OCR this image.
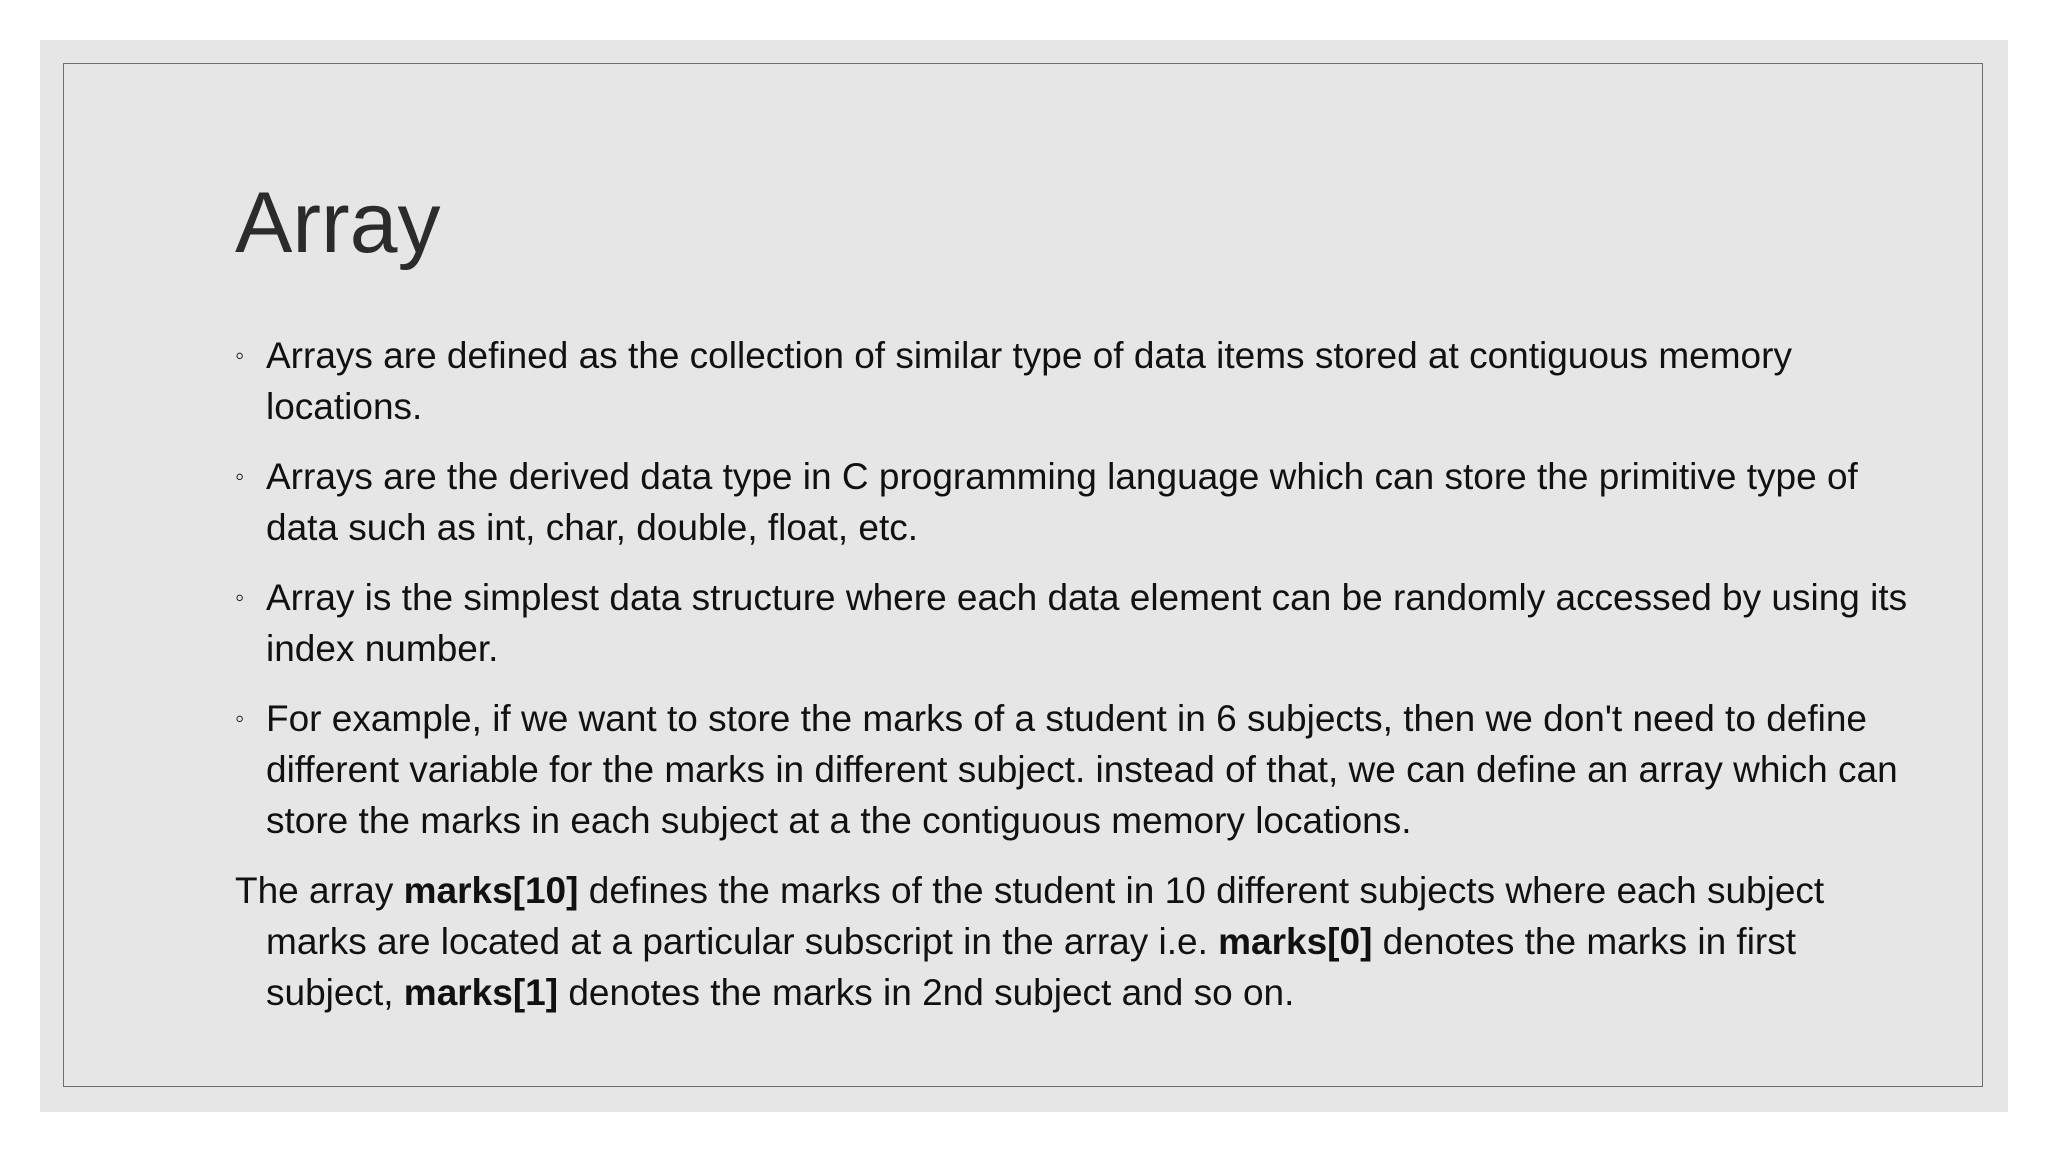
Array
◦ Arrays are defined as the collection of similar type of data items stored at contiguous memory locations.
◦ Arrays are the derived data type in C programming language which can store the primitive type of data such as int, char, double, float, etc.
◦ Array is the simplest data structure where each data element can be randomly accessed by using its index number.
◦ For example, if we want to store the marks of a student in 6 subjects, then we don't need to define different variable for the marks in different subject. instead of that, we can define an array which can store the marks in each subject at a the contiguous memory locations.

The array marks[10] defines the marks of the student in 10 different subjects where each subject marks are located at a particular subscript in the array i.e. marks[0] denotes the marks in first subject, marks[1] denotes the marks in 2nd subject and so on.
